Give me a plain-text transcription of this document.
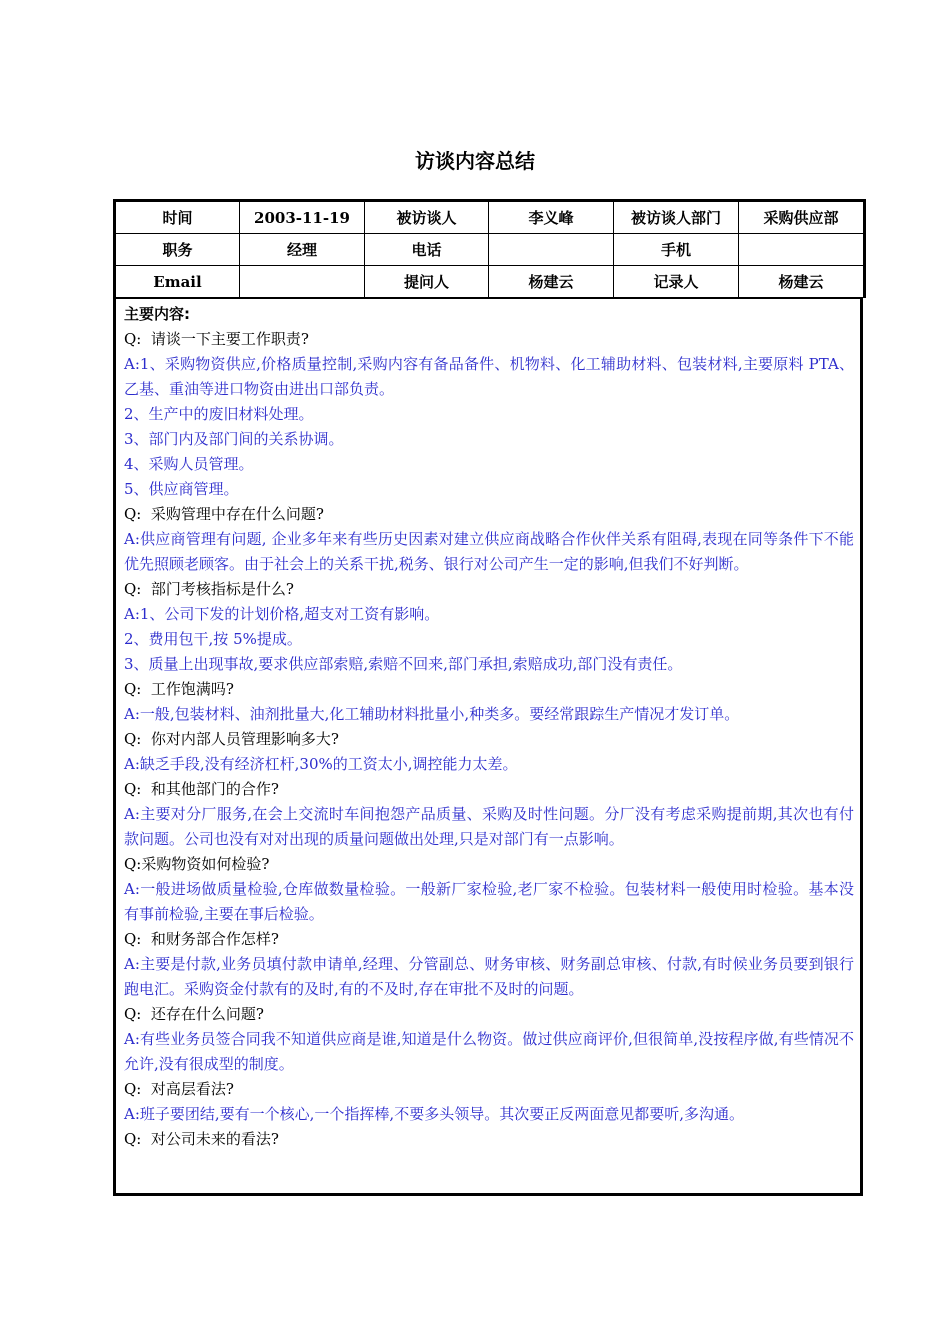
访谈内容总结
时间	2003-11-19	被访谈人	李义峰	被访谈人部门	采购供应部
职务	经理	电话		手机	
Email		提问人	杨建云	记录人	杨建云
主要内容:
Q:  请谈一下主要工作职责?
A:1、采购物资供应,价格质量控制,采购内容有备品备件、机物料、化工辅助材料、包装材料,主要原料 PTA、乙基、重油等进口物资由进出口部负责。
2、生产中的废旧材料处理。
3、部门内及部门间的关系协调。
4、采购人员管理。
5、供应商管理。
Q:  采购管理中存在什么问题?
A:供应商管理有问题, 企业多年来有些历史因素对建立供应商战略合作伙伴关系有阻碍,表现在同等条件下不能优先照顾老顾客。由于社会上的关系干扰,税务、银行对公司产生一定的影响,但我们不好判断。
Q:  部门考核指标是什么?
A:1、公司下发的计划价格,超支对工资有影响。
2、费用包干,按 5%提成。
3、质量上出现事故,要求供应部索赔,索赔不回来,部门承担,索赔成功,部门没有责任。
Q:  工作饱满吗?
A:一般,包装材料、油剂批量大,化工辅助材料批量小,种类多。要经常跟踪生产情况才发订单。
Q:  你对内部人员管理影响多大?
A:缺乏手段,没有经济杠杆,30%的工资太小,调控能力太差。
Q:  和其他部门的合作?
A:主要对分厂服务,在会上交流时车间抱怨产品质量、采购及时性问题。分厂没有考虑采购提前期,其次也有付款问题。公司也没有对对出现的质量问题做出处理,只是对部门有一点影响。
Q:采购物资如何检验?
A:一般进场做质量检验,仓库做数量检验。一般新厂家检验,老厂家不检验。包装材料一般使用时检验。基本没有事前检验,主要在事后检验。
Q:  和财务部合作怎样?
A:主要是付款,业务员填付款申请单,经理、分管副总、财务审核、财务副总审核、付款,有时候业务员要到银行跑电汇。采购资金付款有的及时,有的不及时,存在审批不及时的问题。
Q:  还存在什么问题?
A:有些业务员签合同我不知道供应商是谁,知道是什么物资。做过供应商评价,但很简单,没按程序做,有些情况不允许,没有很成型的制度。
Q:  对高层看法?
A:班子要团结,要有一个核心,一个指挥棒,不要多头领导。其次要正反两面意见都要听,多沟通。
Q:  对公司未来的看法?
